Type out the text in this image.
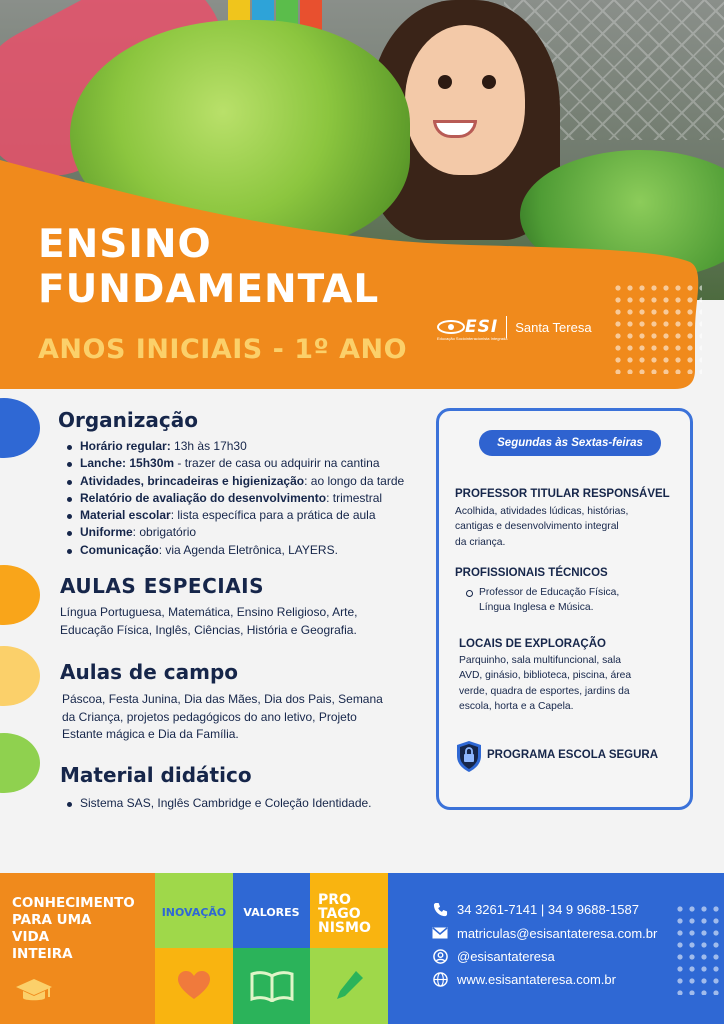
ENSINO
FUNDAMENTAL
ANOS INICIAIS - 1º ANO
ESI Santa Teresa
Educação Sociointeracionista Integrada
Organização
Horário regular: 13h às 17h30
Lanche: 15h30m - trazer de casa ou adquirir na cantina
Atividades, brincadeiras e higienização: ao longo da tarde
Relatório de avaliação do desenvolvimento: trimestral
Material escolar: lista específica para a prática de aula
Uniforme: obrigatório
Comunicação: via Agenda Eletrônica, LAYERS.
AULAS ESPECIAIS
Língua Portuguesa, Matemática, Ensino Religioso, Arte,
Educação Física, Inglês, Ciências, História e Geografia.
Aulas de campo
Páscoa, Festa Junina, Dia das Mães, Dia dos Pais, Semana
da Criança, projetos pedagógicos do ano letivo, Projeto
Estante mágica e Dia da Família.
Material didático
Sistema SAS, Inglês Cambridge e Coleção Identidade.
Segundas às Sextas-feiras
PROFESSOR TITULAR RESPONSÁVEL
Acolhida, atividades lúdicas, histórias,
cantigas e desenvolvimento integral
da criança.
PROFISSIONAIS TÉCNICOS
Professor de Educação Física,
Língua Inglesa e Música.
LOCAIS DE EXPLORAÇÃO
Parquinho, sala multifuncional, sala
AVD, ginásio, biblioteca, piscina, área
verde, quadra de esportes, jardins da
escola, horta e a Capela.
PROGRAMA ESCOLA SEGURA
CONHECIMENTO
PARA UMA
VIDA
INTEIRA
INOVAÇÃO	VALORES
PRO
TAGO
NISMO
34 3261-7141 | 34 9 9688-1587
matriculas@esisantateresa.com.br
@esisantateresa
www.esisantateresa.com.br
